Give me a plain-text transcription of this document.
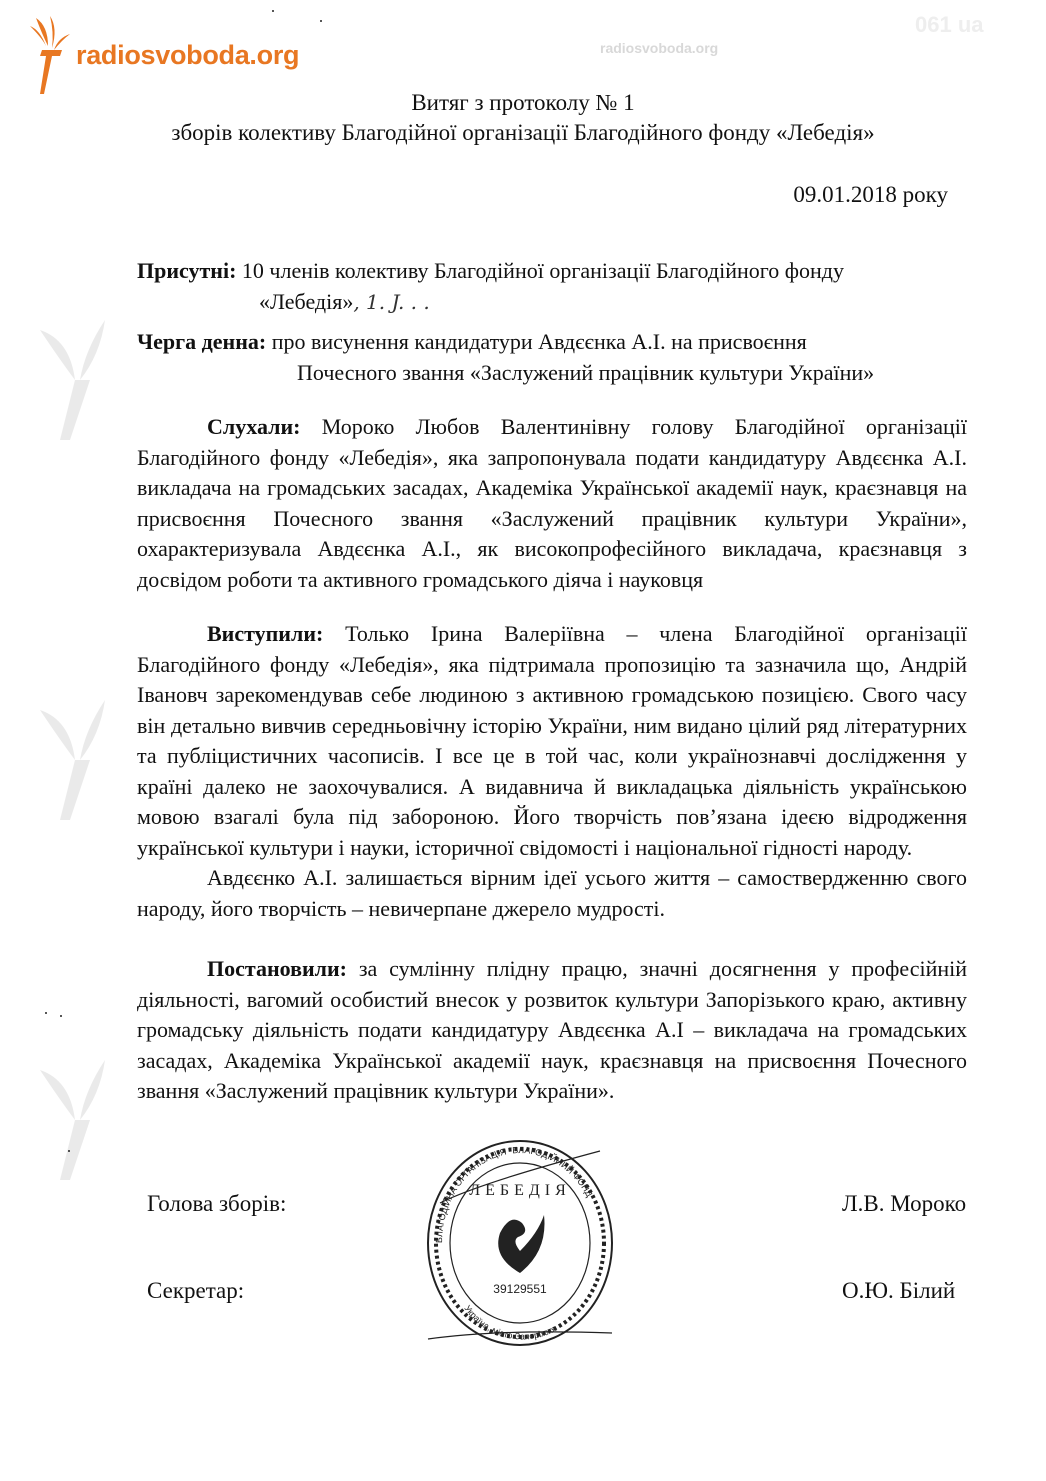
radiosvoboda.org	radiosvoboda.org
061 ua
Витяг з протоколу № 1
зборів колективу Благодійної організації Благодійного фонду «Лебедія»
09.01.2018 року
Присутні: 10 членів колективу Благодійної організації Благодійного фонду
«Лебедія», 1. J. . .
Черга денна: про висунення кандидатури Авдєєнка А.І. на присвоєння
Почесного звання «Заслужений працівник культури України»
Слухали: Мороко Любов Валентинівну голову Благодійної організації Благодійного фонду «Лебедія», яка запропонувала подати кандидатуру Авдєєнка А.І. викладача на громадських засадах, Академіка Української академії наук, краєзнавця на присвоєння Почесного звання «Заслужений працівник культури України», охарактеризувала Авдєєнка А.І., як високопрофесійного викладача, краєзнавця з досвідом роботи та активного громадського діяча і науковця
Виступили: Только Ірина Валеріївна – члена Благодійної організації Благодійного фонду «Лебедія», яка підтримала пропозицію та зазначила що, Андрій Івановч зарекомендував себе людиною з активною громадською позицією. Свого часу він детально вивчив середньовічну історію України, ним видано цілий ряд літературних та публіцистичних часописів. І все це в той час, коли українознавчі дослідження у країні далеко не заохочувалися. А видавнича й викладацька діяльність українською мовою взагалі була під забороною. Його творчість пов’язана ідеєю відродження української культури і науки, історичної свідомості і національної гідності народу.
Авдєєнко А.І. залишається вірним ідеї усього життя – самоствердженню свого народу, його творчість – невичерпане джерело мудрості.
Постановили: за сумлінну плідну працю, значні досягнення у професійній діяльності, вагомий особистий внесок у розвиток культури Запорізького краю, активну громадську діяльність подати кандидатуру Авдєєнка А.І – викладача на громадських засадах, Академіка Української академії наук, краєзнавця на присвоєння Почесного звання «Заслужений працівник культури України».
Голова зборів:	Л.В. Мороко
Секретар:	О.Ю. Білий
БЛАГОДІЙНА ОРГАНІЗАЦІЯ "БЛАГОДІЙНИЙ ФОНД
ЛЕБЕДІЯ
39129551
Україна, місто Запоріжжя
